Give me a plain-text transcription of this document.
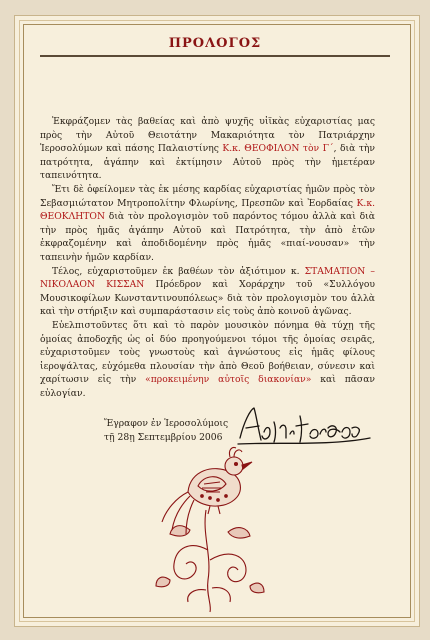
ΠΡΟΛΟΓΟΣ

Ἐκφράζομεν τὰς βαθείας καὶ ἀπὸ ψυχῆς υἱϊκὰς εὐχαριστίας μας πρὸς τὴν Αὐτοῦ Θειοτάτην Μακαριότητα τὸν Πατριάρχην Ἱεροσολύμων καὶ πάσης Παλαιστίνης Κ.κ. ΘΕΟΦΙΛΟΝ τὸν Γ΄, διὰ τὴν πατρότητα, ἀγάπην καὶ ἐκτίμησιν Αὐτοῦ πρὸς τὴν ἡμετέραν ταπεινότητα.

Ἔτι δὲ ὀφείλομεν τὰς ἐκ μέσης καρδίας εὐχαριστίας ἡμῶν πρὸς τὸν Σεβασμιώτατον Μητροπολίτην Φλωρίνης, Πρεσπῶν καὶ Ἐορδαίας Κ.κ. ΘΕΟΚΛΗΤΟΝ διὰ τὸν προλογισμὸν τοῦ παρόντος τόμου ἀλλὰ καὶ διὰ τὴν πρὸς ἡμᾶς ἀγάπην Αὐτοῦ καὶ Πατρότητα, τὴν ἀπὸ ἐτῶν ἐκφραζομένην καὶ ἀποδιδομένην πρὸς ἡμᾶς «πιαί-νουσαν» τὴν ταπεινὴν ἡμῶν καρδίαν.

Τέλος, εὐχαριστοῦμεν ἐκ βαθέων τὸν ἀξιότιμον κ. ΣΤΑΜΑΤΙΟΝ – ΝΙΚΟΛΑΟΝ ΚΙΣΣΑΝ Πρόεδρον καὶ Χοράρχην τοῦ «Συλλόγου Μουσικοφίλων Κωνσταντινουπόλεως» διὰ τὸν προλογισμὸν του ἀλλὰ καὶ τὴν στήριξιν καὶ συμπαράστασιν εἰς τοὺς ἀπὸ κοινοῦ ἀγῶνας.

Εὐελπιστοῦντες ὅτι καὶ τὸ παρὸν μουσικὸν πόνημα θὰ τύχῃ τῆς ὁμοίας ἀποδοχῆς ὡς οἱ δύο προηγούμενοι τόμοι τῆς ὁμοίας σειρᾶς, εὐχαριστοῦμεν τοὺς γνωστοὺς καὶ ἀγνώστους εἰς ἡμᾶς φίλους ἱεροψάλτας, εὐχόμεθα πλουσίαν τὴν ἀπὸ Θεοῦ βοήθειαν, σύνεσιν καὶ χαρίτωσιν εἰς τὴν «προκειμένην αὐτοῖς διακονίαν» καὶ πᾶσαν εὐλογίαν.

Ἔγραφον ἐν Ἱεροσολύμοις
τῇ 28ῃ Σεπτεμβρίου 2006
